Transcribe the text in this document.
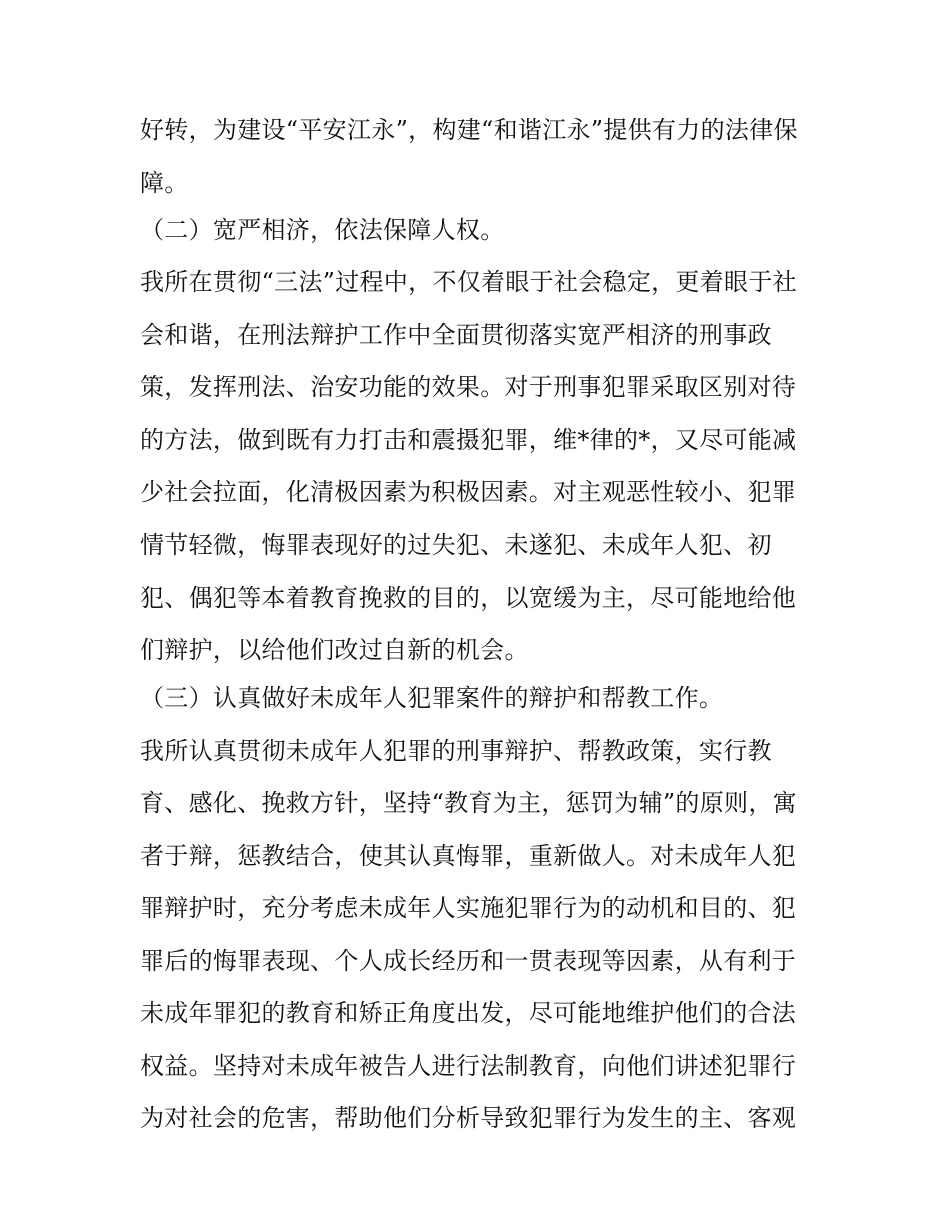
好转，为建设“平安江永”，构建“和谐江永”提供有力的法律保
障。
（二）宽严相济，依法保障人权。
我所在贯彻“三法”过程中，不仅着眼于社会稳定，更着眼于社
会和谐，在刑法辩护工作中全面贯彻落实宽严相济的刑事政
策，发挥刑法、治安功能的效果。对于刑事犯罪采取区别对待
的方法，做到既有力打击和震摄犯罪，维*律的*，又尽可能减
少社会拉面，化清极因素为积极因素。对主观恶性较小、犯罪
情节轻微，悔罪表现好的过失犯、未遂犯、未成年人犯、初
犯、偶犯等本着教育挽救的目的，以宽缓为主，尽可能地给他
们辩护，以给他们改过自新的机会。
（三）认真做好未成年人犯罪案件的辩护和帮教工作。
我所认真贯彻未成年人犯罪的刑事辩护、帮教政策，实行教
育、感化、挽救方针，坚持“教育为主，惩罚为辅”的原则，寓
者于辩，惩教结合，使其认真悔罪，重新做人。对未成年人犯
罪辩护时，充分考虑未成年人实施犯罪行为的动机和目的、犯
罪后的悔罪表现、个人成长经历和一贯表现等因素，从有利于
未成年罪犯的教育和矫正角度出发，尽可能地维护他们的合法
权益。坚持对未成年被告人进行法制教育，向他们讲述犯罪行
为对社会的危害，帮助他们分析导致犯罪行为发生的主、客观
